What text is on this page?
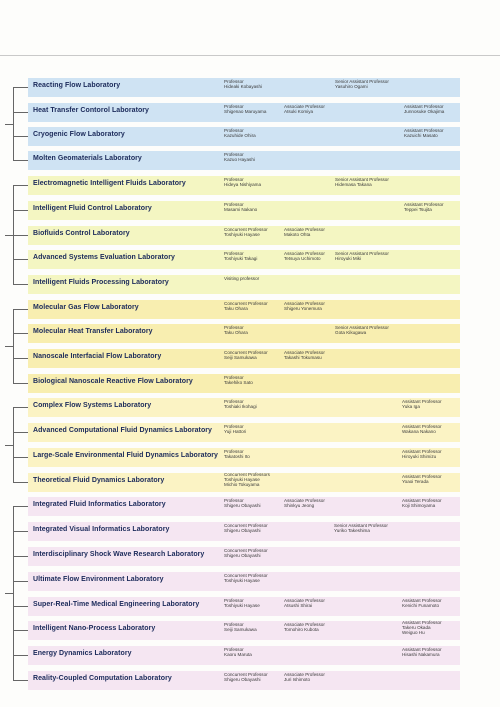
Reacting Flow Laboratory
Professor
Hideaki Kobayashi
Senior Assistant Professor
Yasuhiro Ogami
Heat Transfer Contorol Laboratory
Professor
Shigenao Maruyama
Associate Professor
Atsuki Komiya
Assistant Professor
Junnosuke Okajima
Cryogenic Flow Laboratory
Professor
Kazuhide Ohira
Assistant Professor
Kazuichi Masato
Molten Geomaterials Laboratory
Professor
Kazuo Hayashi
Electromagnetic Intelligent Fluids Laboratory
Professor
Hideya Nishiyama
Senior Assistant Professor
Hidemasa Takana
Intelligent Fluid Control Laboratory
Professor
Masami Nakano
Assistant Professor
Teppei Tsujita
Biofluids Control Laboratory
Concurrent Professor
Toshiyuki Hayase
Associate Professor
Makoto Ohta
Advanced Systems Evaluation Laboratory
Professor
Toshiyuki Takagi
Associate Professor
Tetsuya Uchimoto
Senior Assistant Professor
Hiroyuki Miki
Intelligent Fluids Processing Laboratory
Visiting professor
Molecular Gas Flow Laboratory
Concurrent Professor
Taku Ohara
Associate Professor
Shigeru Yonemura
Molecular Heat Transfer Laboratory
Professor
Taku Ohara
Senior Assistant Professor
Gota Kikugawa
Nanoscale Interfacial Flow Laboratory
Concurrent Professor
Seiji Samukawa
Associate Professor
Takashi Tokumasu
Biological Nanoscale Reactive Flow Laboratory
Professor
Takehiko Sato
Complex Flow Systems Laboratory
Professor
Toshiaki Ikohagi
Assistant Professor
Yuka Iga
Advanced Computational Fluid Dynamics Laboratory
Professor
Yuji Hattori
Assistant Professor
Wakana Nakano
Large-Scale Environmental Fluid Dynamics Laboratory
Professor
Takatoshi Ito
Assistant Professor
Hiroyuki Shimizu
Theoretical Fluid Dynamics Laboratory
Concurrent Professors
Toshiyuki Hayase
Michio Tokuyama
Assistant Professor
Yoaoi Terada
Integrated Fluid Informatics Laboratory
Professor
Shigeru Obayashi
Associate Professor
Shinkyu Jeong
Assistant Professor
Koji Shimoyama
Integrated Visual Informatics Laboratory
Concurrent Professor
Shigeru Obayashi
Senior Assistant Professor
Yuriko Takeshima
Interdisciplinary Shock Wave Research Laboratory
Concurrent Professor
Shigeru Obayashi
Ultimate Flow Environment Laboratory
Concurrent Professor
Toshiyuki Hayase
Super-Real-Time Medical Engineering Laboratory
Professor
Toshiyuki Hayase
Associate Professor
Atsushi Shirai
Assistant Professor
Kenichi Funamoto
Intelligent Nano-Process Laboratory
Professor
Seiji Samukawa
Associate Professor
Tomohiro Kubota
Assistant Professor
Takeru Okada
Weiguo Hu
Energy Dynamics Laboratory
Professor
Kaoru Maruta
Assistant Professor
Hisashi Nakamura
Reality-Coupled Computation Laboratory
Concurrent Professor
Shigeru Obayashi
Associate Professor
Juri Ishimoto
